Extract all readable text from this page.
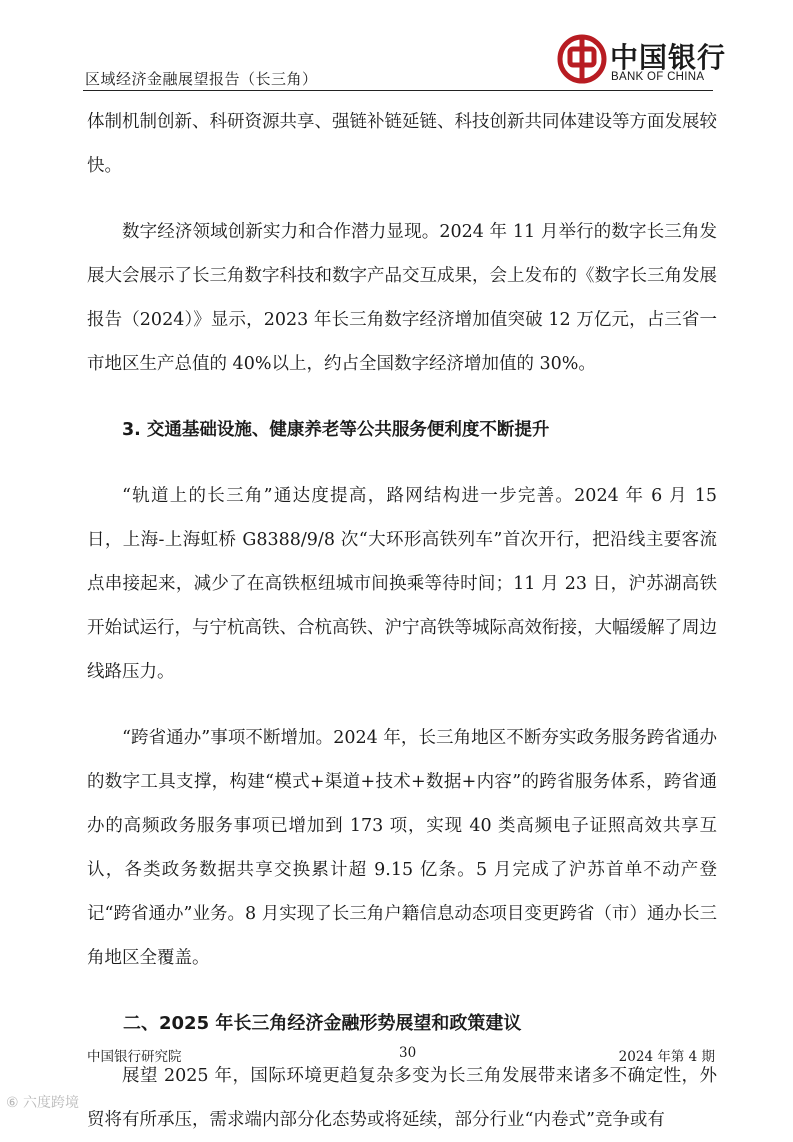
区域经济金融展望报告（长三角）
中国银行
BANK OF CHINA

体制机制创新、科研资源共享、强链补链延链、科技创新共同体建设等方面发展较快。

数字经济领域创新实力和合作潜力显现。2024 年 11 月举行的数字长三角发展大会展示了长三角数字科技和数字产品交互成果，会上发布的《数字长三角发展报告（2024）》显示，2023 年长三角数字经济增加值突破 12 万亿元，占三省一市地区生产总值的 40%以上，约占全国数字经济增加值的 30%。

3. 交通基础设施、健康养老等公共服务便利度不断提升

“轨道上的长三角”通达度提高，路网结构进一步完善。2024 年 6 月 15 日，上海-上海虹桥 G8388/9/8 次“大环形高铁列车”首次开行，把沿线主要客流点串接起来，减少了在高铁枢纽城市间换乘等待时间；11 月 23 日，沪苏湖高铁开始试运行，与宁杭高铁、合杭高铁、沪宁高铁等城际高效衔接，大幅缓解了周边线路压力。

“跨省通办”事项不断增加。2024 年，长三角地区不断夯实政务服务跨省通办的数字工具支撑，构建“模式+渠道+技术+数据+内容”的跨省服务体系，跨省通办的高频政务服务事项已增加到 173 项，实现 40 类高频电子证照高效共享互认，各类政务数据共享交换累计超 9.15 亿条。5 月完成了沪苏首单不动产登记“跨省通办”业务。8 月实现了长三角户籍信息动态项目变更跨省（市）通办长三角地区全覆盖。

二、2025 年长三角经济金融形势展望和政策建议

展望 2025 年，国际环境更趋复杂多变为长三角发展带来诸多不确定性，外贸将有所承压，需求端内部分化态势或将延续，部分行业“内卷式”竞争或有

中国银行研究院	30	2024 年第 4 期
⑥ 六度跨境
